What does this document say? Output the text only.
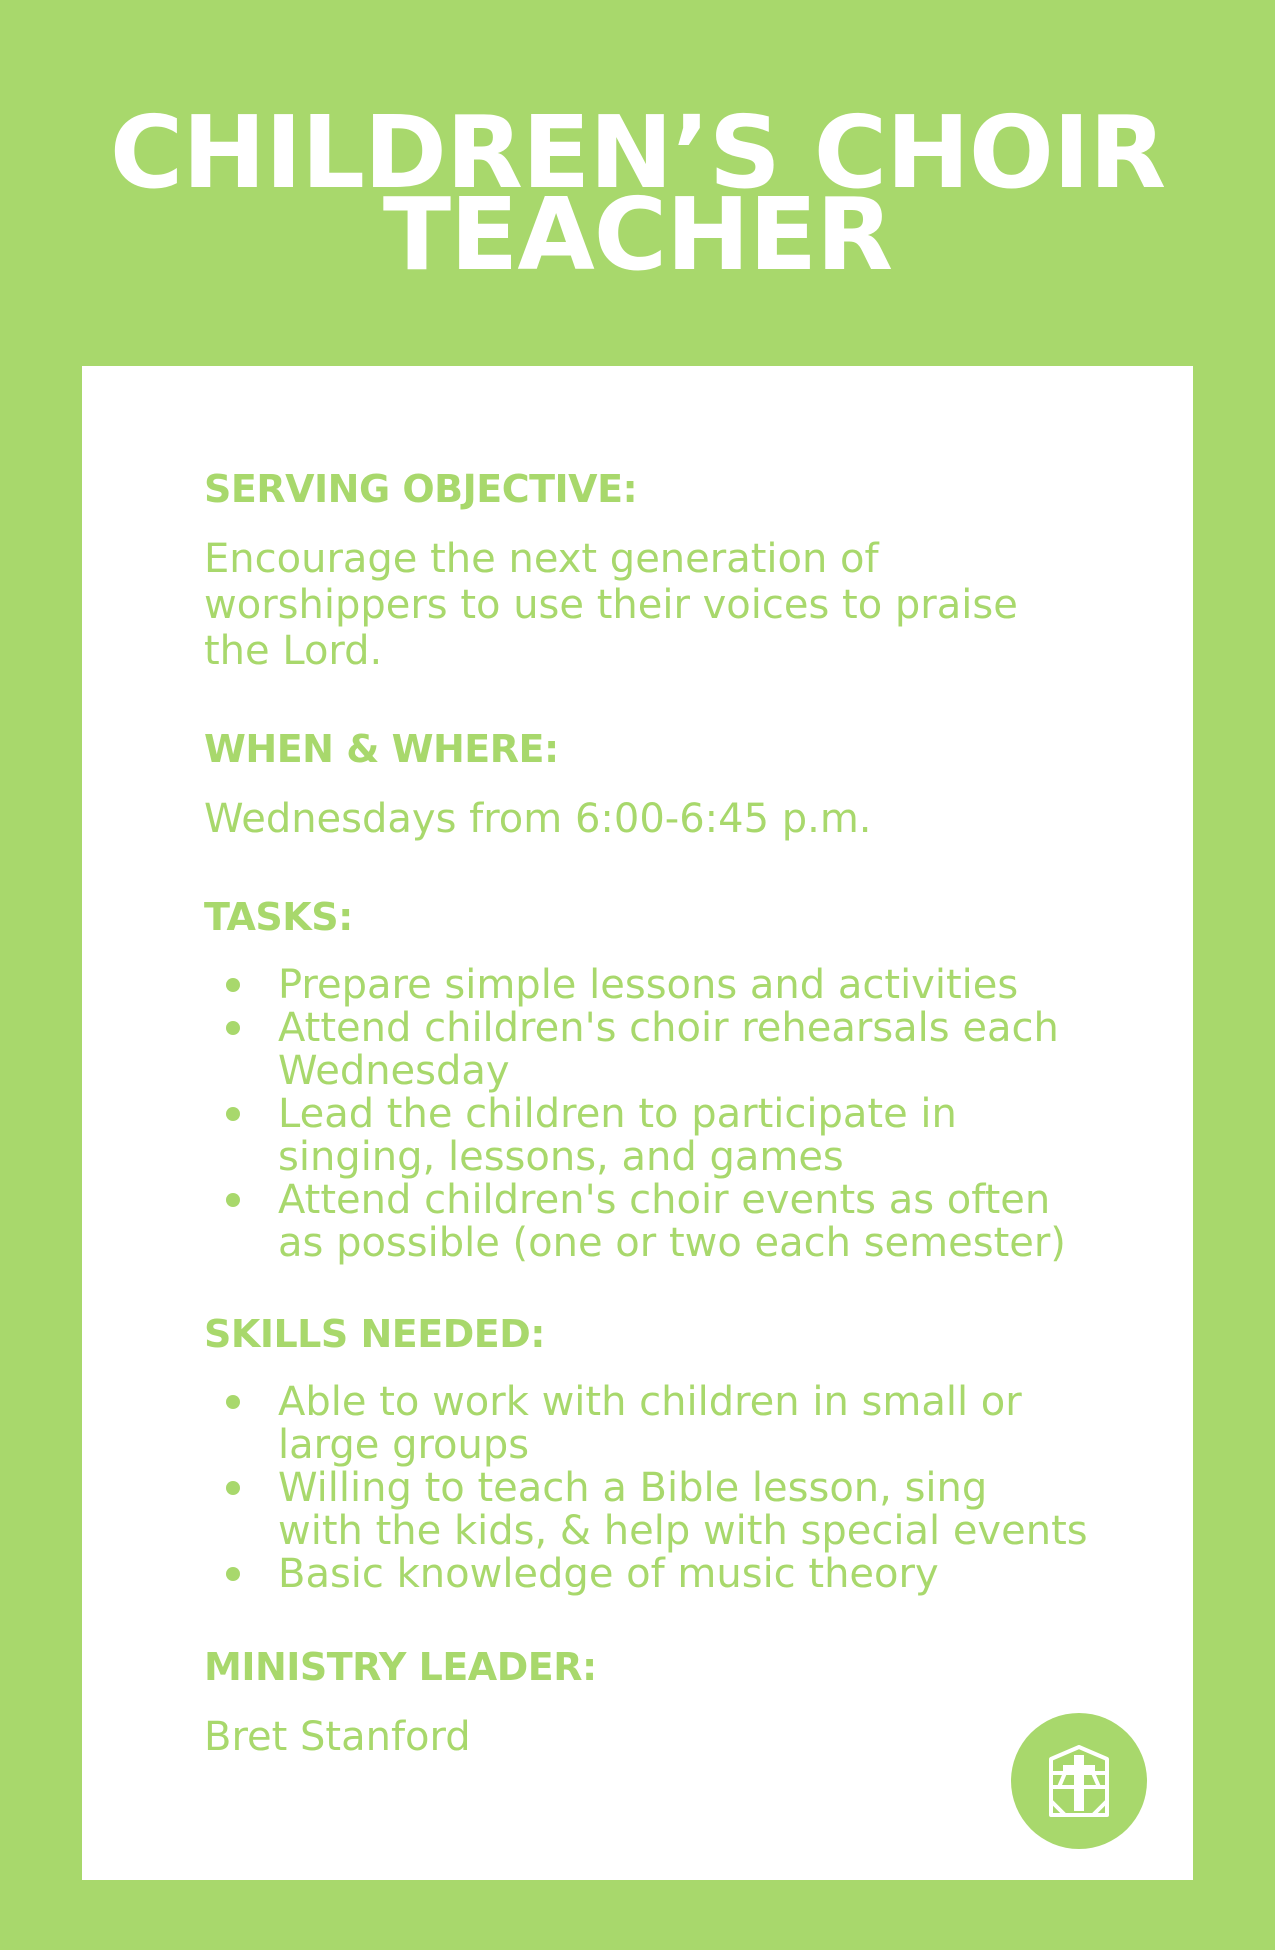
CHILDREN’S CHOIR
TEACHER
SERVING OBJECTIVE:

Encourage the next generation of
worshippers to use their voices to praise
the Lord.

WHEN & WHERE:

Wednesdays from 6:00-6:45 p.m.

TASKS:
Prepare simple lessons and activities
Attend children's choir rehearsals each
Wednesday
Lead the children to participate in
singing, lessons, and games
Attend children's choir events as often
as possible (one or two each semester)
SKILLS NEEDED:
Able to work with children in small or
large groups
Willing to teach a Bible lesson, sing
with the kids, & help with special events
Basic knowledge of music theory
MINISTRY LEADER:

Bret Stanford
